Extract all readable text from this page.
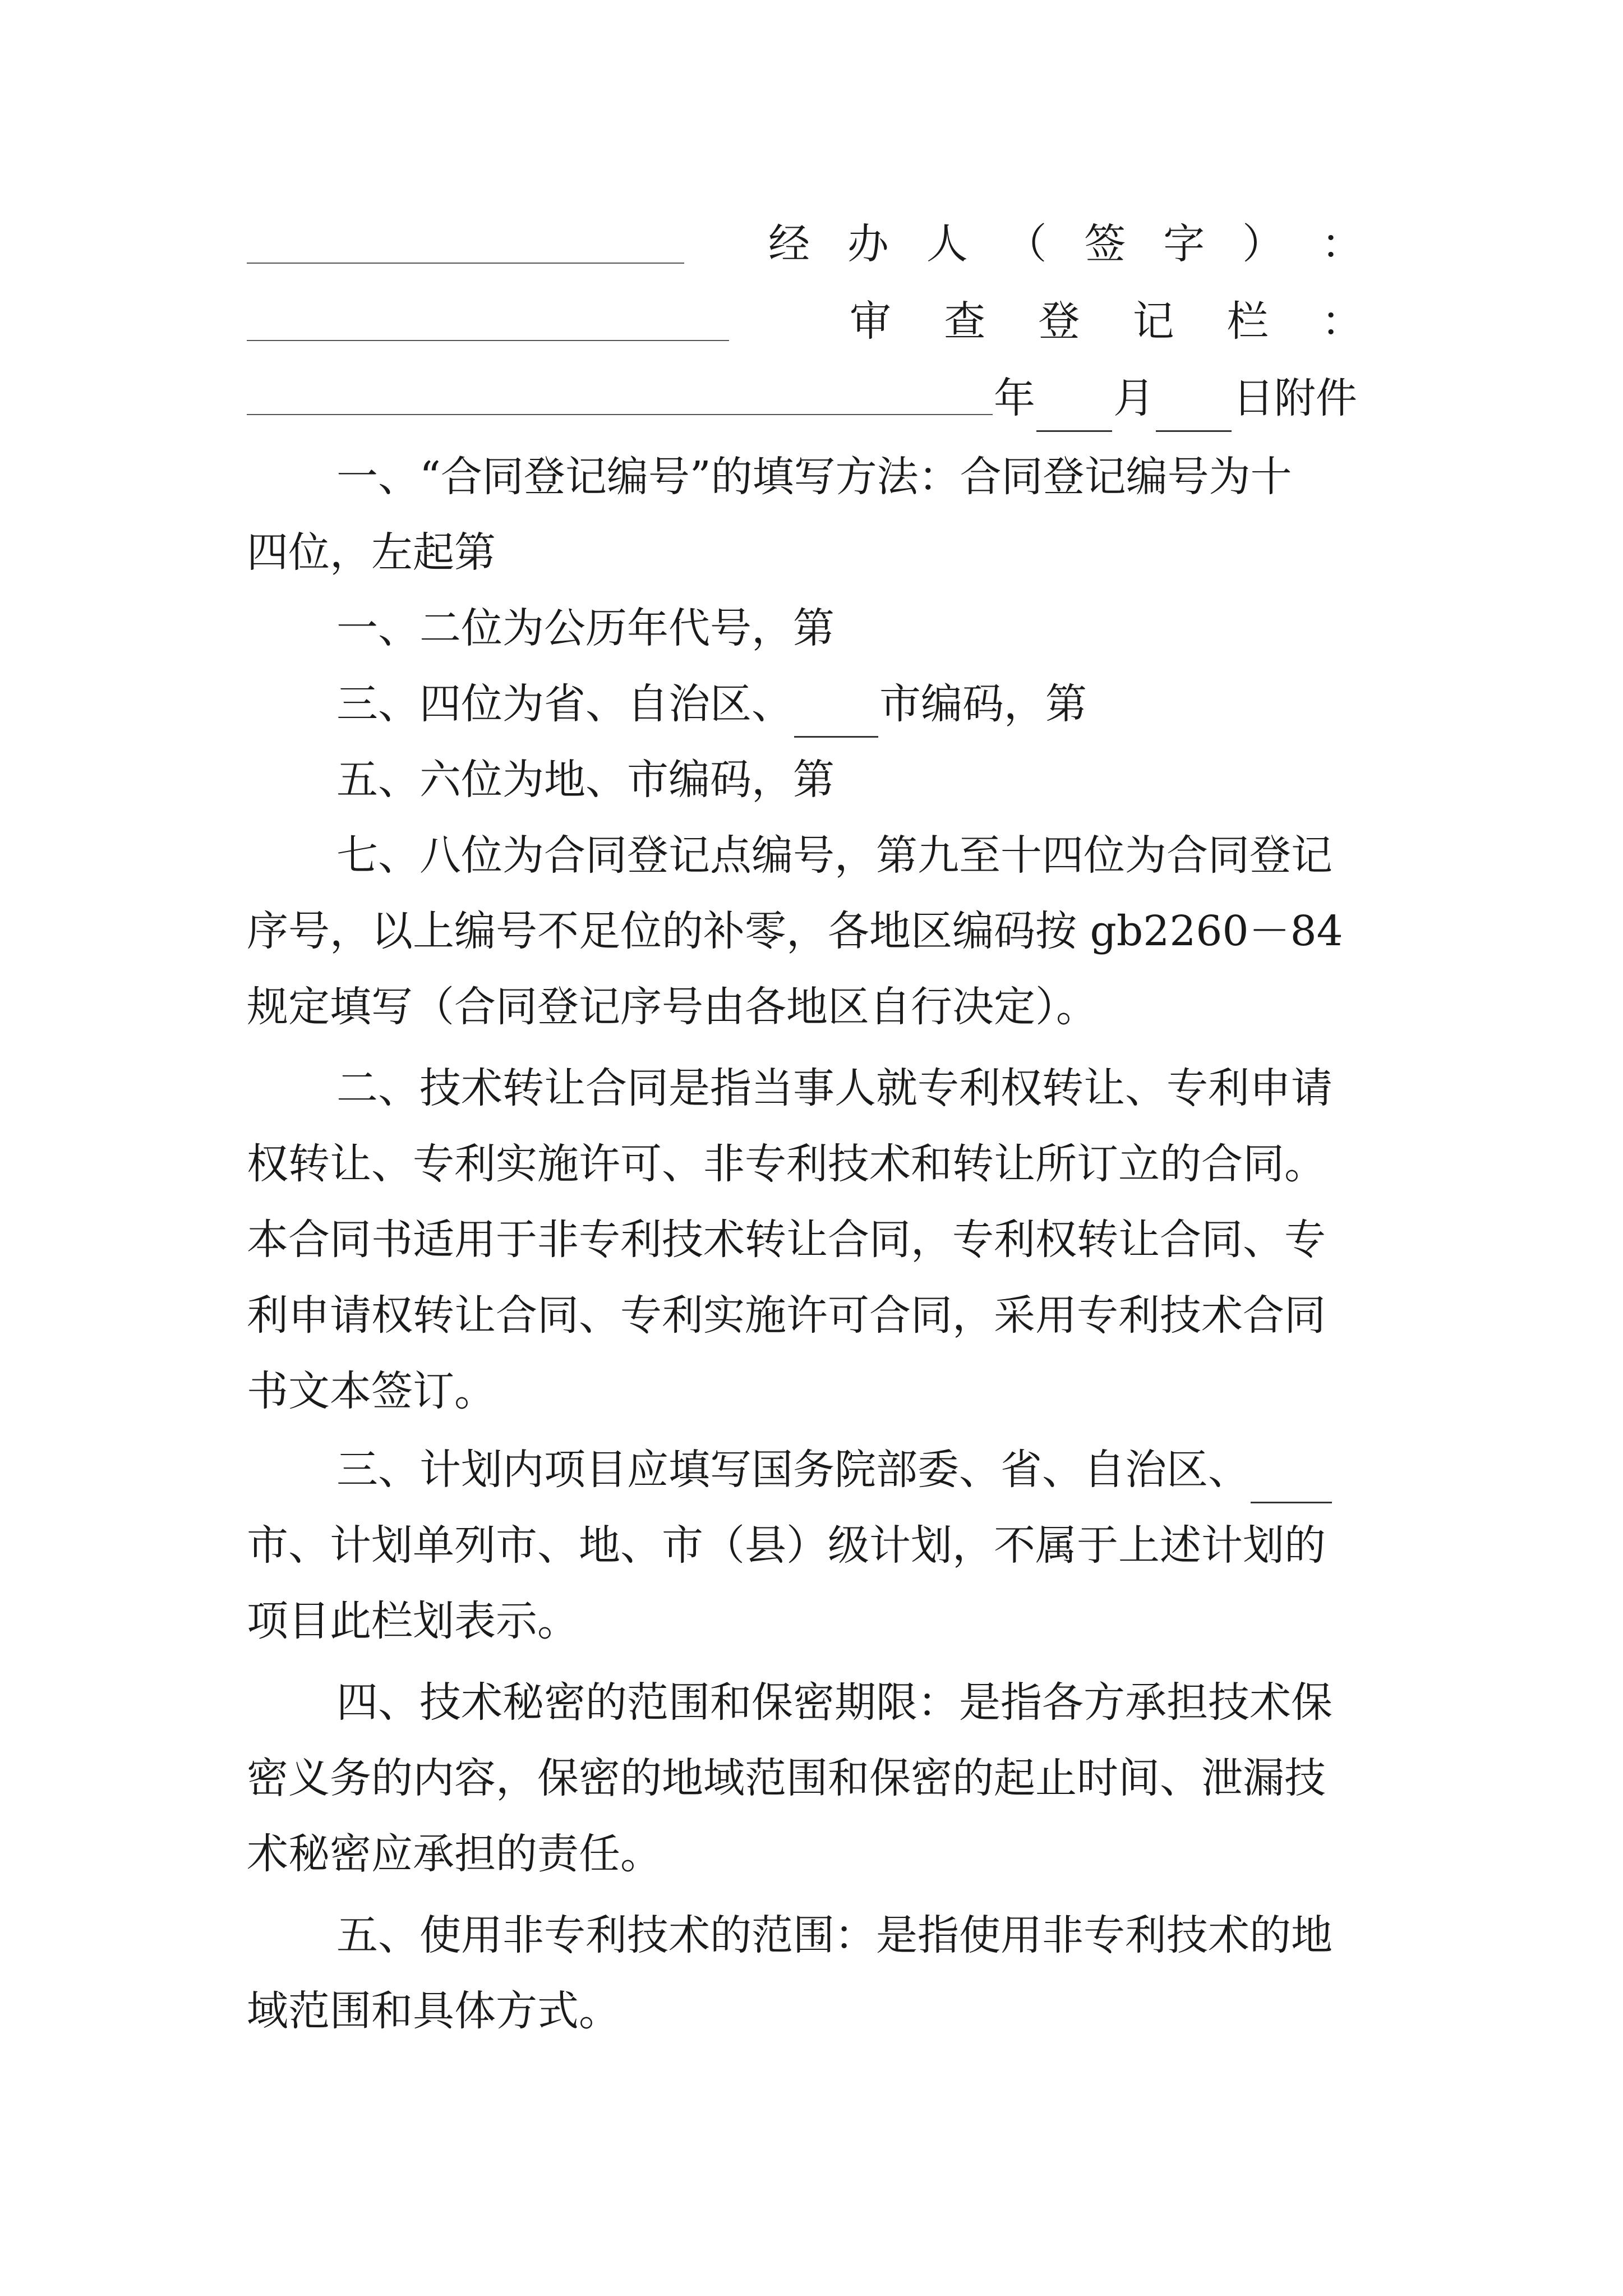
经 办 人 （ 签 字 ） ：
审 查 登 记 栏 ：
年 月 日附件
一、“合同登记编号”的填写方法：合同登记编号为十
四位，左起第
一、二位为公历年代号，第
三、四位为省、自治区、 市编码，第
五、六位为地、市编码，第
七、八位为合同登记点编号，第九至十四位为合同登记
序号，以上编号不足位的补零，各地区编码按 gb2260－84
规定填写（合同登记序号由各地区自行决定）。
二、技术转让合同是指当事人就专利权转让、专利申请
权转让、专利实施许可、非专利技术和转让所订立的合同。
本合同书适用于非专利技术转让合同，专利权转让合同、专
利申请权转让合同、专利实施许可合同，采用专利技术合同
书文本签订。
三、计划内项目应填写国务院部委、省、自治区、
市、计划单列市、地、市（县）级计划，不属于上述计划的
项目此栏划表示。
四、技术秘密的范围和保密期限：是指各方承担技术保
密义务的内容，保密的地域范围和保密的起止时间、泄漏技
术秘密应承担的责任。
五、使用非专利技术的范围：是指使用非专利技术的地
域范围和具体方式。
